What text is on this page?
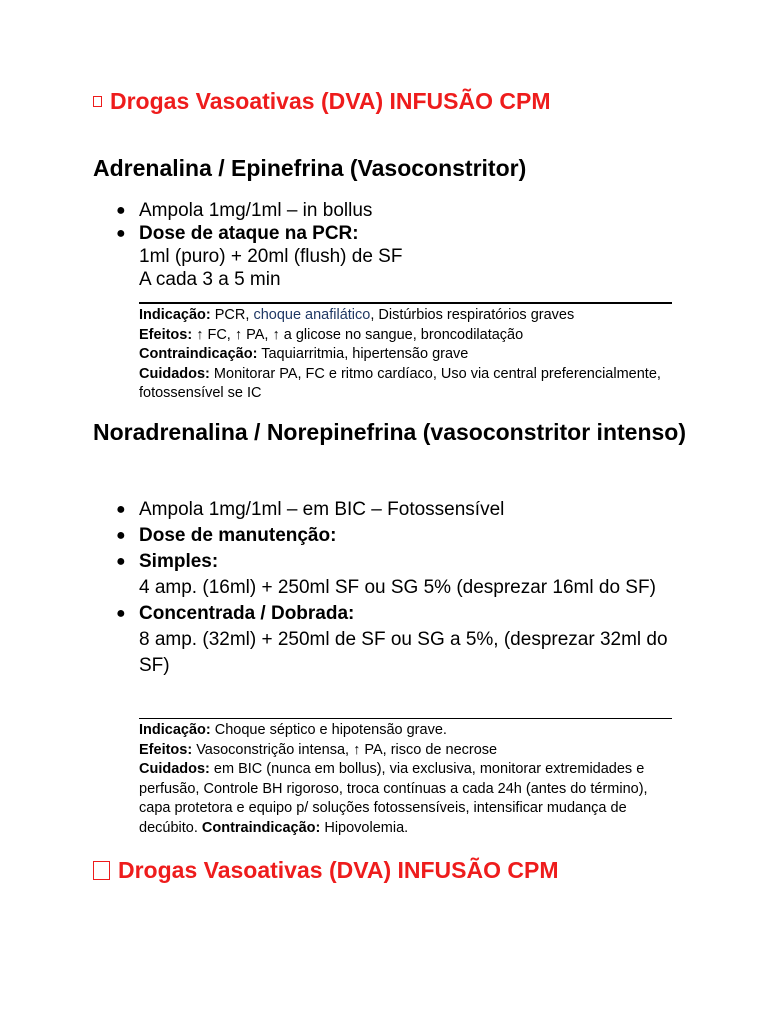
Drogas Vasoativas (DVA) INFUSÃO CPM
Adrenalina / Epinefrina (Vasoconstritor)
● Ampola 1mg/1ml – in bollus
● Dose de ataque na PCR:
1ml (puro) + 20ml (flush) de SF
A cada 3 a 5 min

Indicação: PCR, choque anafilático, Distúrbios respiratórios graves

Efeitos: ↑ FC, ↑ PA, ↑ a glicose no sangue, broncodilatação

Contraindicação: Taquiarritmia, hipertensão grave

Cuidados: Monitorar PA, FC e ritmo cardíaco, Uso via central preferencialmente, fotossensível se IC

Noradrenalina / Norepinefrina (vasoconstritor intenso)
● Ampola 1mg/1ml – em BIC – Fotossensível
● Dose de manutenção:
● Simples:
4 amp. (16ml) + 250ml SF ou SG 5% (desprezar 16ml do SF)
● Concentrada / Dobrada:
8 amp. (32ml) + 250ml de SF ou SG a 5%, (desprezar 32ml do SF)

Indicação: Choque séptico e hipotensão grave.

Efeitos: Vasoconstrição intensa, ↑ PA, risco de necrose

Cuidados: em BIC (nunca em bollus), via exclusiva, monitorar extremidades e perfusão, Controle BH rigoroso, troca contínuas a cada 24h (antes do término), capa protetora e equipo p/ soluções fotossensíveis, intensificar mudança de decúbito. Contraindicação: Hipovolemia.

Drogas Vasoativas (DVA) INFUSÃO CPM
